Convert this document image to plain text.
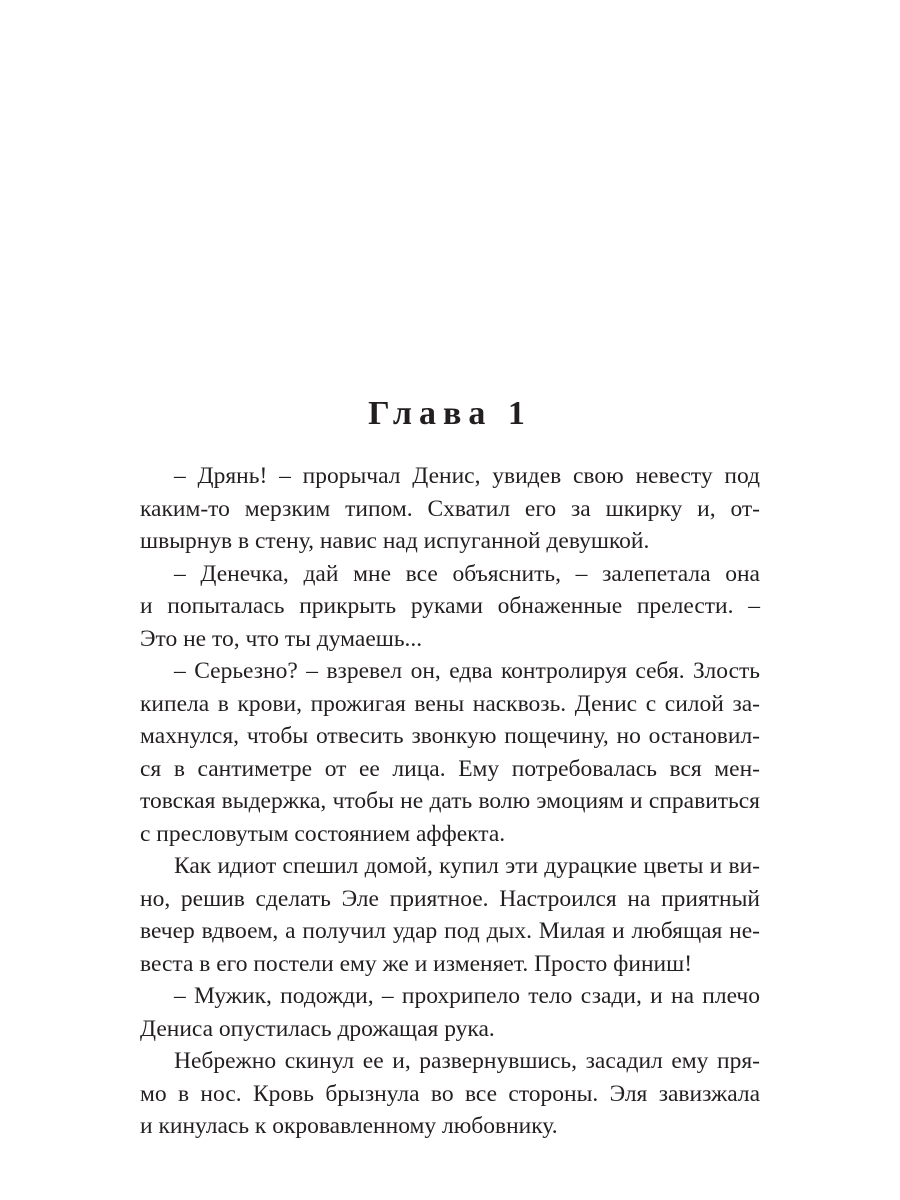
Глава 1
– Дрянь! – прорычал Денис, увидев свою невесту под
каким-то мерзким типом. Схватил его за шкирку и, от-
швырнув в стену, навис над испуганной девушкой.
– Денечка, дай мне все объяснить, – залепетала она
и попыталась прикрыть руками обнаженные прелести. –
Это не то, что ты думаешь...
– Серьезно? – взревел он, едва контролируя себя. Злость
кипела в крови, прожигая вены насквозь. Денис с силой за-
махнулся, чтобы отвесить звонкую пощечину, но остановил-
ся в сантиметре от ее лица. Ему потребовалась вся мен-
товская выдержка, чтобы не дать волю эмоциям и справиться
с пресловутым состоянием аффекта.
Как идиот спешил домой, купил эти дурацкие цветы и ви-
но, решив сделать Эле приятное. Настроился на приятный
вечер вдвоем, а получил удар под дых. Милая и любящая не-
веста в его постели ему же и изменяет. Просто финиш!
– Мужик, подожди, – прохрипело тело сзади, и на плечо
Дениса опустилась дрожащая рука.
Небрежно скинул ее и, развернувшись, засадил ему пря-
мо в нос. Кровь брызнула во все стороны. Эля завизжала
и кинулась к окровавленному любовнику.
